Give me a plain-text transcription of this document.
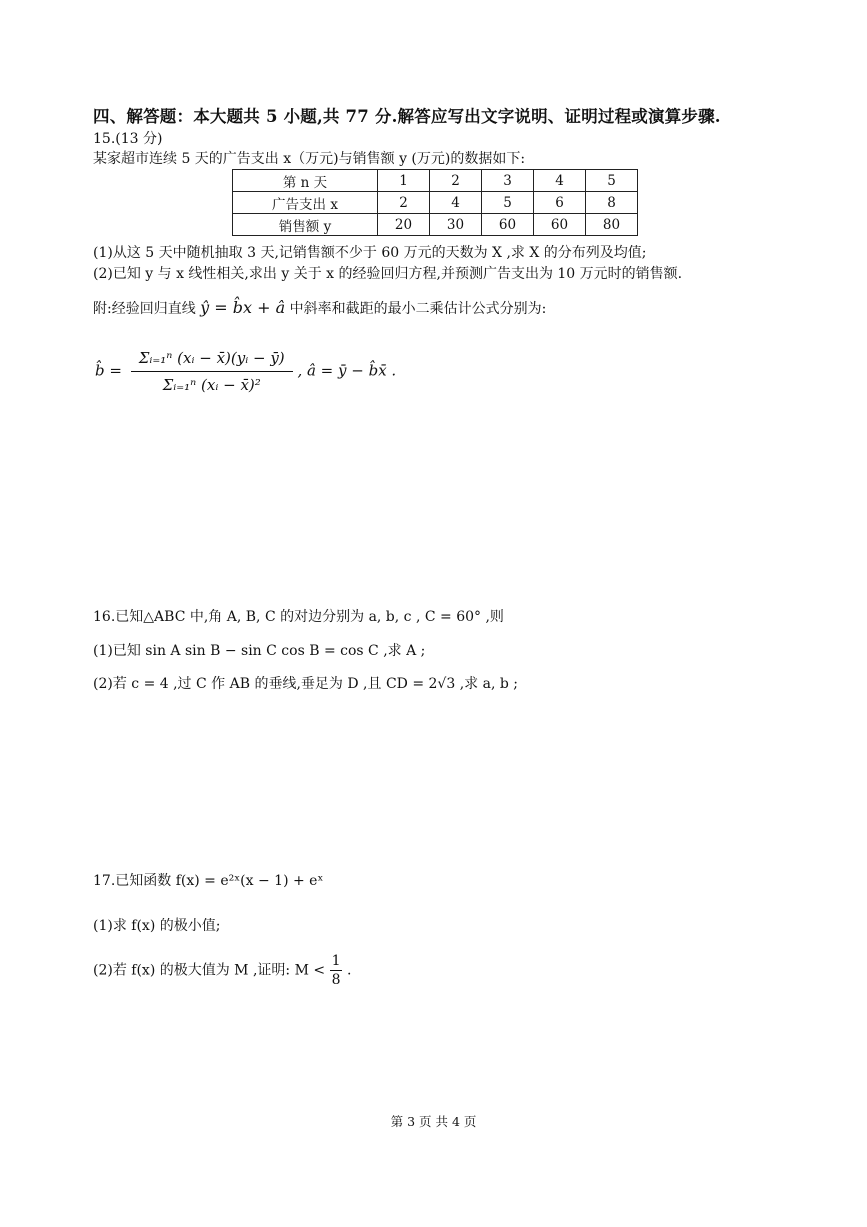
四、解答题：本大题共 5 小题,共 77 分.解答应写出文字说明、证明过程或演算步骤.
15.(13 分)
某家超市连续 5 天的广告支出 x（万元)与销售额 y (万元)的数据如下:
第 n 天	1	2	3	4	5
广告支出 x	2	4	5	6	8
销售额 y	20	30	60	60	80
(1)从这 5 天中随机抽取 3 天,记销售额不少于 60 万元的天数为 X ,求 X 的分布列及均值;
(2)已知 y 与 x 线性相关,求出 y 关于 x 的经验回归方程,并预测广告支出为 10 万元时的销售额.
附:经验回归直线 ŷ = b̂x + â 中斜率和截距的最小二乘估计公式分别为:
b̂ = $\frac{\text{Σᵢ₌₁ⁿ (xᵢ − x̄)(yᵢ − ȳ)}}{\text{Σᵢ₌₁ⁿ (xᵢ − x̄)²}}$ , â = ȳ − b̂x̄ .
16.已知△ABC 中,角 A, B, C 的对边分别为 a, b, c , C = 60° ,则
(1)已知 sin A sin B − sin C cos B = cos C ,求 A ;
(2)若 c = 4 ,过 C 作 AB 的垂线,垂足为 D ,且 CD = 2√3 ,求 a, b ;
17.已知函数 f(x) = e²ˣ(x − 1) + eˣ
(1)求 f(x) 的极小值;
(2)若 f(x) 的极大值为 M ,证明: $M < \frac{1}{8}$ .
第 3 页 共 4 页
